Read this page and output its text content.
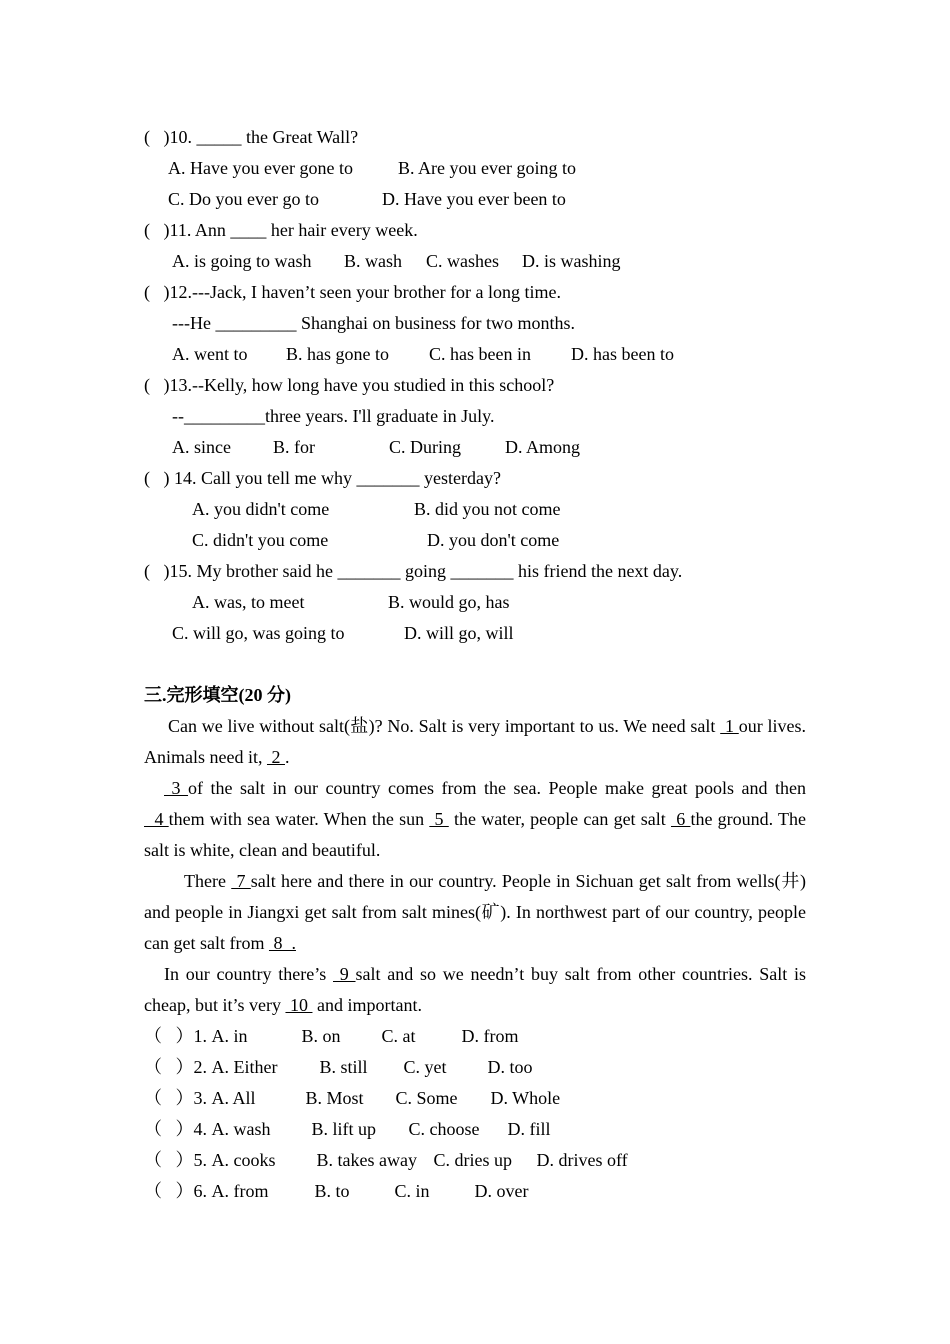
(   )10. _____ the Great Wall?
A. Have you ever gone to	B. Are you ever going to
C. Do you ever go to	D. Have you ever been to
(   )11. Ann ____ her hair every week.
A. is going to wash B. wash C. washes D. is washing
(   )12.---Jack, I haven’t seen your brother for a long time.
---He _________ Shanghai on business for two months.
A. went to B. has gone to C. has been in D. has been to
(   )13.--Kelly, how long have you studied in this school?
--_________three years. I'll graduate in July.
A. since B. for	C. During D. Among
(   ) 14. Call you tell me why _______ yesterday?
A. you didn't come	B. did you not come
C. didn't you come	D. you don't come
(   )15. My brother said he _______ going _______ his friend the next day.
A. was, to meet	B. would go, has
C. will go, was going to	D. will go, will
三.完形填空(20 分)
Can we live without salt(盐)? No. Salt is very important to us. We need salt  1 our lives. Animals need it,  2 .
3 of the salt in our country comes from the sea. People make great pools and then   4 them with sea water. When the sun  5  the water, people can get salt  6 the ground. The salt is white, clean and beautiful.
There  7 salt here and there in our country. People in Sichuan get salt from wells(井) and people in Jiangxi get salt from salt mines(矿). In northwest part of our country, people can get salt from  8  .
In our country there’s  9 salt and so we needn’t buy salt from other countries. Salt is cheap, but it’s very  10  and important.
（   ）1. A. in	B. on C. at	D. from
（   ）2. A. Either B. still C. yet D. too
（   ）3. A. All	B. Most C. Some D. Whole
（   ）4. A. wash B. lift up C. choose D. fill
（   ）5. A. cooks B. takes away C. dries up D. drives off
（   ）6. A. from	B. to C. in D. over
